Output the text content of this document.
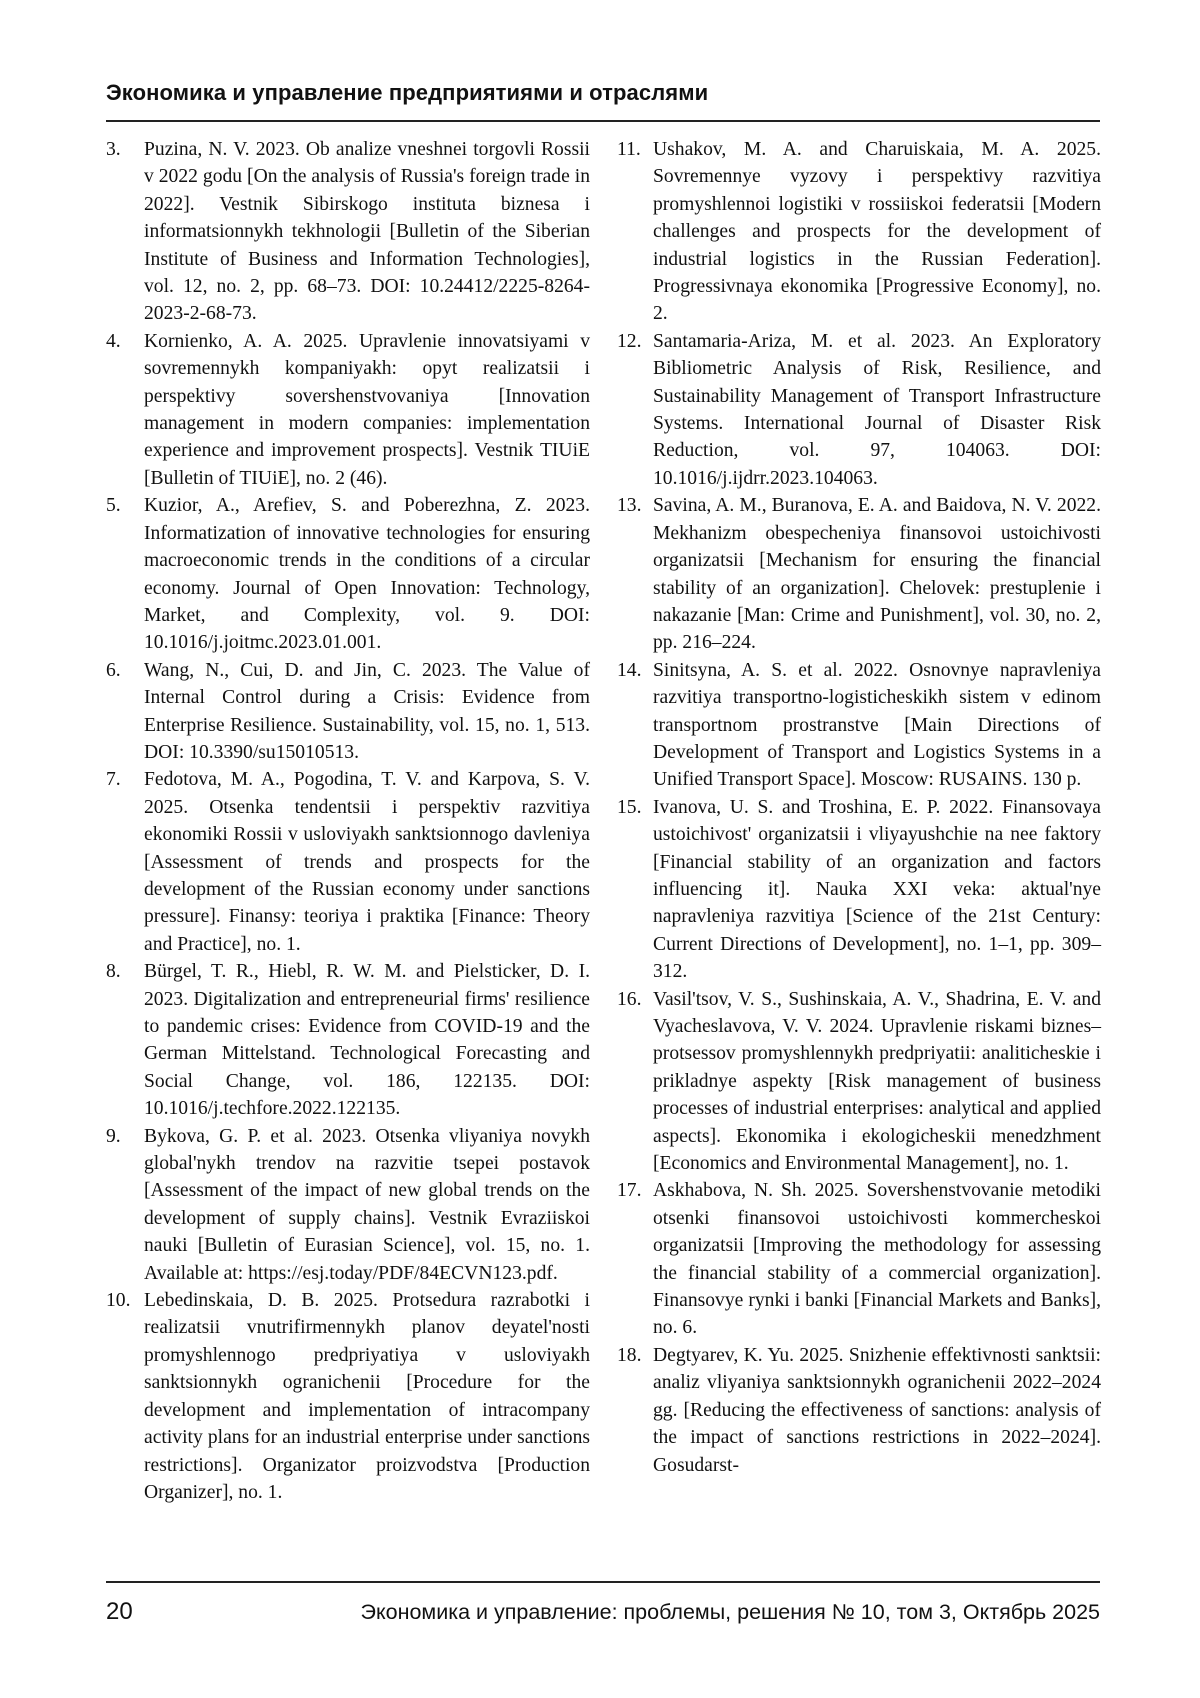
Экономика и управление предприятиями и отраслями

3. Puzina, N. V. 2023. Ob analize vneshnei torgovli Rossii v 2022 godu [On the analysis of Russia's foreign trade in 2022]. Vestnik Sibirskogo instituta biznesa i informatsionnykh tekhnologii [Bulletin of the Siberian Institute of Business and Information Technologies], vol. 12, no. 2, pp. 68–73. DOI: 10.24412/2225-8264-2023-2-68-73.

4. Kornienko, A. A. 2025. Upravlenie innovatsiyami v sovremennykh kompaniyakh: opyt realizatsii i perspektivy sovershenstvovaniya [Innovation management in modern companies: implementation experience and improvement prospects]. Vestnik TIUiE [Bulletin of TIUiE], no. 2 (46).

5. Kuzior, A., Arefiev, S. and Poberezhna, Z. 2023. Informatization of innovative technologies for ensuring macroeconomic trends in the conditions of a circular economy. Journal of Open Innovation: Technology, Market, and Complexity, vol. 9. DOI: 10.1016/j.joitmc.2023.01.001.

6. Wang, N., Cui, D. and Jin, C. 2023. The Value of Internal Control during a Crisis: Evidence from Enterprise Resilience. Sustainability, vol. 15, no. 1, 513. DOI: 10.3390/su15010513.

7. Fedotova, M. A., Pogodina, T. V. and Karpova, S. V. 2025. Otsenka tendentsii i perspektiv razvitiya ekonomiki Rossii v usloviyakh sanktsionnogo davleniya [Assessment of trends and prospects for the development of the Russian economy under sanctions pressure]. Finansy: teoriya i praktika [Finance: Theory and Practice], no. 1.

8. Bürgel, T. R., Hiebl, R. W. M. and Pielsticker, D. I. 2023. Digitalization and entrepreneurial firms' resilience to pandemic crises: Evidence from COVID-19 and the German Mittelstand. Technological Forecasting and Social Change, vol. 186, 122135. DOI: 10.1016/j.techfore.2022.122135.

9. Bykova, G. P. et al. 2023. Otsenka vliyaniya novykh global'nykh trendov na razvitie tsepei postavok [Assessment of the impact of new global trends on the development of supply chains]. Vestnik Evraziiskoi nauki [Bulletin of Eurasian Science], vol. 15, no. 1. Available at: https://esj.today/PDF/84ECVN123.pdf.

10. Lebedinskaia, D. B. 2025. Protsedura razrabotki i realizatsii vnutrifirmennykh planov deyatel'nosti promyshlennogo predpriyatiya v usloviyakh sanktsionnykh ogranichenii [Procedure for the development and implementation of intracompany activity plans for an industrial enterprise under sanctions restrictions]. Organizator proizvodstva [Production Organizer], no. 1.

11. Ushakov, M. A. and Charuiskaia, M. A. 2025. Sovremennye vyzovy i perspektivy razvitiya promyshlennoi logistiki v rossiiskoi federatsii [Modern challenges and prospects for the development of industrial logistics in the Russian Federation]. Progressivnaya ekonomika [Progressive Economy], no. 2.

12. Santamaria-Ariza, M. et al. 2023. An Exploratory Bibliometric Analysis of Risk, Resilience, and Sustainability Management of Transport Infrastructure Systems. International Journal of Disaster Risk Reduction, vol. 97, 104063. DOI: 10.1016/j.ijdrr.2023.104063.

13. Savina, A. M., Buranova, E. A. and Baidova, N. V. 2022. Mekhanizm obespecheniya finansovoi ustoichivosti organizatsii [Mechanism for ensuring the financial stability of an organization]. Chelovek: prestuplenie i nakazanie [Man: Crime and Punishment], vol. 30, no. 2, pp. 216–224.

14. Sinitsyna, A. S. et al. 2022. Osnovnye napravleniya razvitiya transportno-logisticheskikh sistem v edinom transportnom prostranstve [Main Directions of Development of Transport and Logistics Systems in a Unified Transport Space]. Moscow: RUSAINS. 130 p.

15. Ivanova, U. S. and Troshina, E. P. 2022. Finansovaya ustoichivost' organizatsii i vliyayushchie na nee faktory [Financial stability of an organization and factors influencing it]. Nauka XXI veka: aktual'nye napravleniya razvitiya [Science of the 21st Century: Current Directions of Development], no. 1–1, pp. 309–312.

16. Vasil'tsov, V. S., Sushinskaia, A. V., Shadrina, E. V. and Vyacheslavova, V. V. 2024. Upravlenie riskami biznes–protsessov promyshlennykh predpriyatii: analiticheskie i prikladnye aspekty [Risk management of business processes of industrial enterprises: analytical and applied aspects]. Ekonomika i ekologicheskii menedzhment [Economics and Environmental Management], no. 1.

17. Askhabova, N. Sh. 2025. Sovershenstvovanie metodiki otsenki finansovoi ustoichivosti kommercheskoi organizatsii [Improving the methodology for assessing the financial stability of a commercial organization]. Finansovye rynki i banki [Financial Markets and Banks], no. 6.

18. Degtyarev, K. Yu. 2025. Snizhenie effektivnosti sanktsii: analiz vliyaniya sanktsionnykh ogranichenii 2022–2024 gg. [Reducing the effectiveness of sanctions: analysis of the impact of sanctions restrictions in 2022–2024]. Gosudarst-

20	Экономика и управление: проблемы, решения № 10, том 3, Октябрь 2025
